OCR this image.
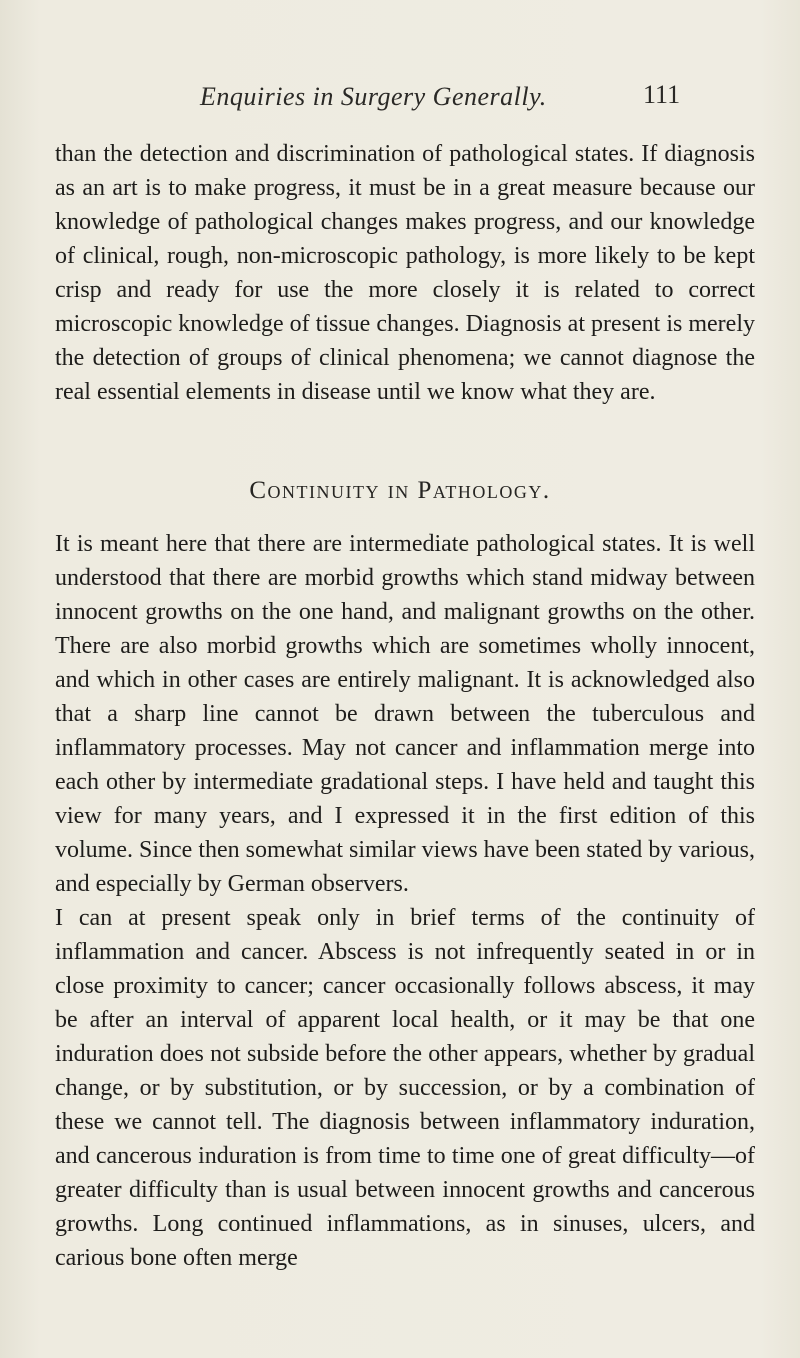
Enquiries in Surgery Generally.	111

than the detection and discrimination of pathological states. If diagnosis as an art is to make progress, it must be in a great measure because our knowledge of pathological changes makes progress, and our knowledge of clinical, rough, non-microscopic pathology, is more likely to be kept crisp and ready for use the more closely it is related to correct microscopic knowledge of tissue changes. Diagnosis at present is merely the detection of groups of clinical phenomena; we cannot diagnose the real essential elements in disease until we know what they are.

Continuity in Pathology.

It is meant here that there are intermediate pathological states. It is well understood that there are morbid growths which stand midway between innocent growths on the one hand, and malignant growths on the other. There are also morbid growths which are sometimes wholly innocent, and which in other cases are entirely malignant. It is acknowledged also that a sharp line cannot be drawn between the tuberculous and inflammatory processes. May not cancer and inflammation merge into each other by intermediate gradational steps. I have held and taught this view for many years, and I expressed it in the first edition of this volume. Since then somewhat similar views have been stated by various, and especially by German observers.

I can at present speak only in brief terms of the continuity of inflammation and cancer. Abscess is not infrequently seated in or in close proximity to cancer; cancer occasionally follows abscess, it may be after an interval of apparent local health, or it may be that one induration does not subside before the other appears, whether by gradual change, or by substitution, or by succession, or by a combination of these we cannot tell. The diagnosis between inflammatory induration, and cancerous induration is from time to time one of great difficulty—of greater difficulty than is usual between innocent growths and cancerous growths. Long continued inflammations, as in sinuses, ulcers, and carious bone often merge
